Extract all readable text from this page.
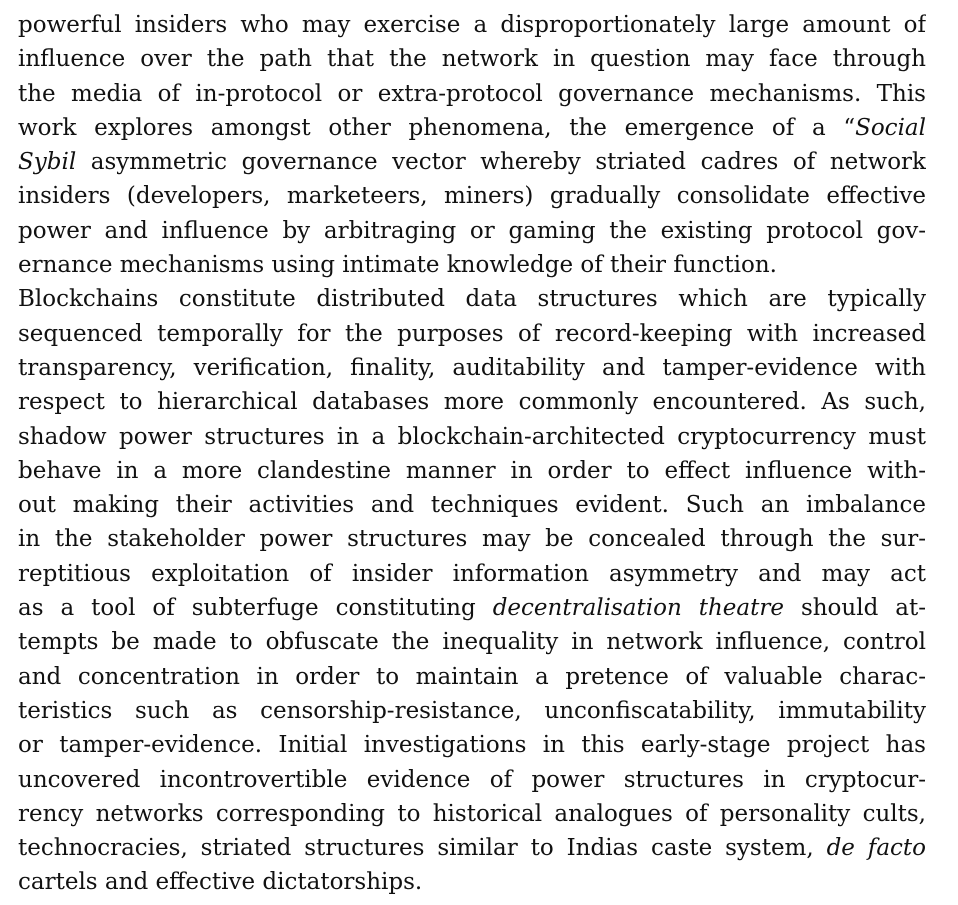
powerful insiders who may exercise a disproportionately large amount of
influence over the path that the network in question may face through
the media of in-protocol or extra-protocol governance mechanisms. This
work explores amongst other phenomena, the emergence of a “Social
Sybil asymmetric governance vector whereby striated cadres of network
insiders (developers, marketeers, miners) gradually consolidate effective
power and influence by arbitraging or gaming the existing protocol gov-
ernance mechanisms using intimate knowledge of their function.
Blockchains constitute distributed data structures which are typically
sequenced temporally for the purposes of record-keeping with increased
transparency, verification, finality, auditability and tamper-evidence with
respect to hierarchical databases more commonly encountered. As such,
shadow power structures in a blockchain-architected cryptocurrency must
behave in a more clandestine manner in order to effect influence with-
out making their activities and techniques evident. Such an imbalance
in the stakeholder power structures may be concealed through the sur-
reptitious exploitation of insider information asymmetry and may act
as a tool of subterfuge constituting decentralisation theatre should at-
tempts be made to obfuscate the inequality in network influence, control
and concentration in order to maintain a pretence of valuable charac-
teristics such as censorship-resistance, unconfiscatability, immutability
or tamper-evidence. Initial investigations in this early-stage project has
uncovered incontrovertible evidence of power structures in cryptocur-
rency networks corresponding to historical analogues of personality cults,
technocracies, striated structures similar to Indias caste system, de facto
cartels and effective dictatorships.
